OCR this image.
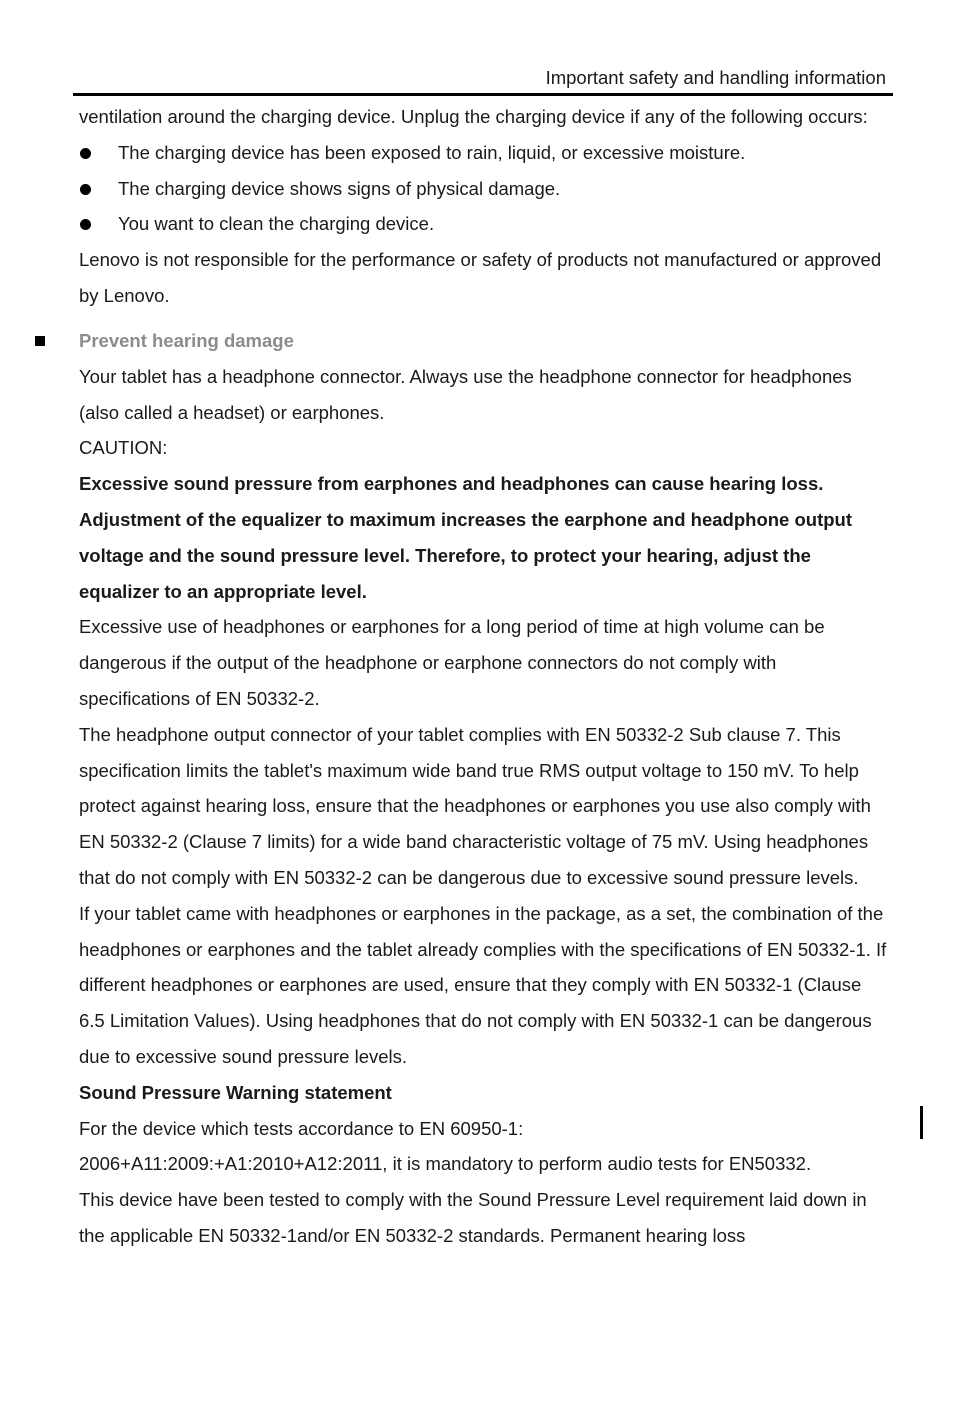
Important safety and handling information

ventilation around the charging device. Unplug the charging device if any of the following occurs:

The charging device has been exposed to rain, liquid, or excessive moisture.
The charging device shows signs of physical damage.
You want to clean the charging device.

Lenovo is not responsible for the performance or safety of products not manufactured or approved by Lenovo.

Prevent hearing damage

Your tablet has a headphone connector. Always use the headphone connector for headphones (also called a headset) or earphones.

CAUTION:

Excessive sound pressure from earphones and headphones can cause hearing loss. Adjustment of the equalizer to maximum increases the earphone and headphone output voltage and the sound pressure level. Therefore, to protect your hearing, adjust the equalizer to an appropriate level.

Excessive use of headphones or earphones for a long period of time at high volume can be dangerous if the output of the headphone or earphone connectors do not comply with specifications of EN 50332-2.

The headphone output connector of your tablet complies with EN 50332-2 Sub clause 7. This specification limits the tablet's maximum wide band true RMS output voltage to 150 mV. To help protect against hearing loss, ensure that the headphones or earphones you use also comply with EN 50332-2 (Clause 7 limits) for a wide band characteristic voltage of 75 mV. Using headphones that do not comply with EN 50332-2 can be dangerous due to excessive sound pressure levels.

If your tablet came with headphones or earphones in the package, as a set, the combination of the headphones or earphones and the tablet already complies with the specifications of EN 50332-1. If different headphones or earphones are used, ensure that they comply with EN 50332-1 (Clause 6.5 Limitation Values). Using headphones that do not comply with EN 50332-1 can be dangerous due to excessive sound pressure levels.

Sound Pressure Warning statement

For the device which tests accordance to EN 60950-1:

2006+A11:2009:+A1:2010+A12:2011, it is mandatory to perform audio tests for EN50332.

This device have been tested to comply with the Sound Pressure Level requirement laid down in the applicable EN 50332-1and/or EN 50332-2 standards. Permanent hearing loss
